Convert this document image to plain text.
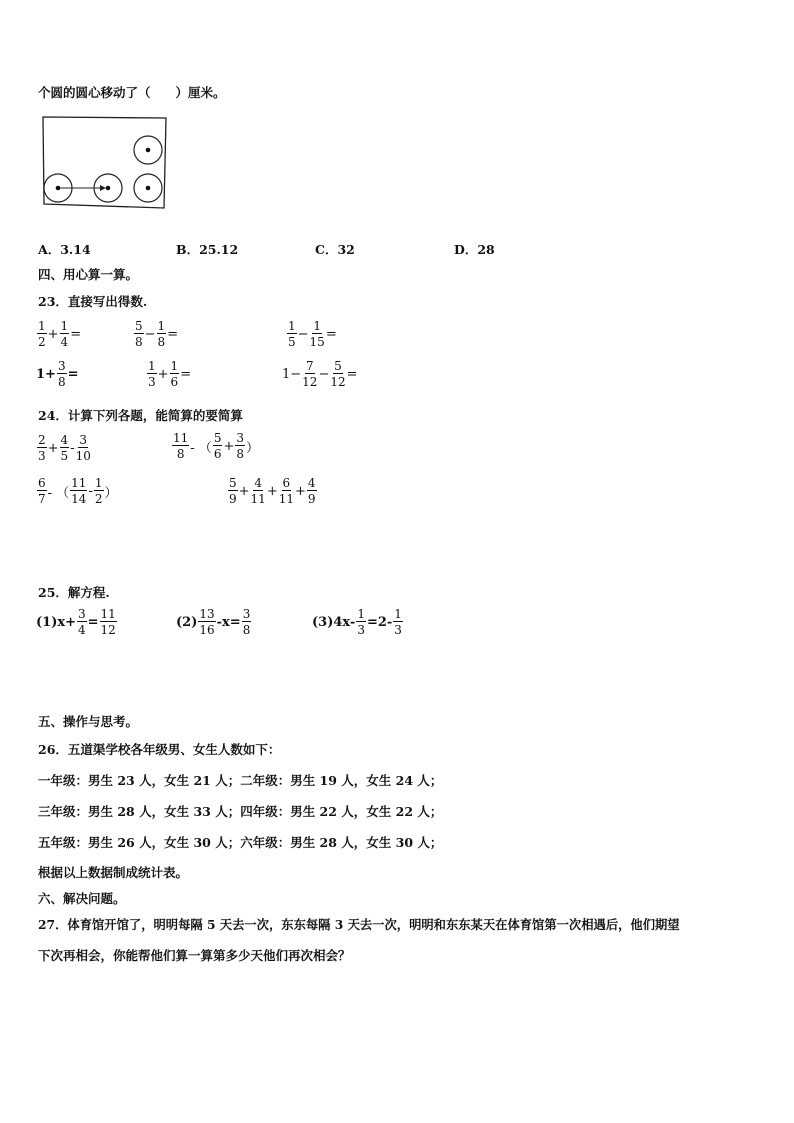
个圆的圆心移动了（　　）厘米。
A．3.14	B．25.12	C．32	D．28
四、用心算一算。
23．直接写出得数.
$\frac{1}{2} + \frac{1}{4}$ =	$\frac{5}{8} - \frac{1}{8}$ =	$\frac{1}{5} - \frac{1}{15}$ =
$1+ \frac{3}{8}$ =	$\frac{1}{3} + \frac{1}{6}$ =	$1- \frac{7}{12} - \frac{5}{12}$ =
24．计算下列各题，能简算的要简算
$\frac{2}{3} + \frac{4}{5} - \frac{3}{10}$	$\frac{11}{8}$ - （ $\frac{5}{6} + \frac{3}{8}$ ）
$\frac{6}{7}$ - （ $\frac{11}{14} - \frac{1}{2}$ ）	$\frac{5}{9} + \frac{4}{11} + \frac{6}{11} + \frac{4}{9}$
25．解方程.
$(1)x+ \frac{3}{4} = \frac{11}{12}$	$(2) \frac{13}{16} -x= \frac{3}{8}$	$(3)4x- \frac{1}{3} =2- \frac{1}{3}$
五、操作与思考。
26．五道渠学校各年级男、女生人数如下：
一年级：男生 23 人，女生 21 人；二年级：男生 19 人，女生 24 人；
三年级：男生 28 人，女生 33 人；四年级：男生 22 人，女生 22 人；
五年级：男生 26 人，女生 30 人；六年级：男生 28 人，女生 30 人；
根据以上数据制成统计表。
六、解决问题。
27．体育馆开馆了，明明每隔 5 天去一次，东东每隔 3 天去一次，明明和东东某天在体育馆第一次相遇后，他们期望
下次再相会，你能帮他们算一算第多少天他们再次相会？
